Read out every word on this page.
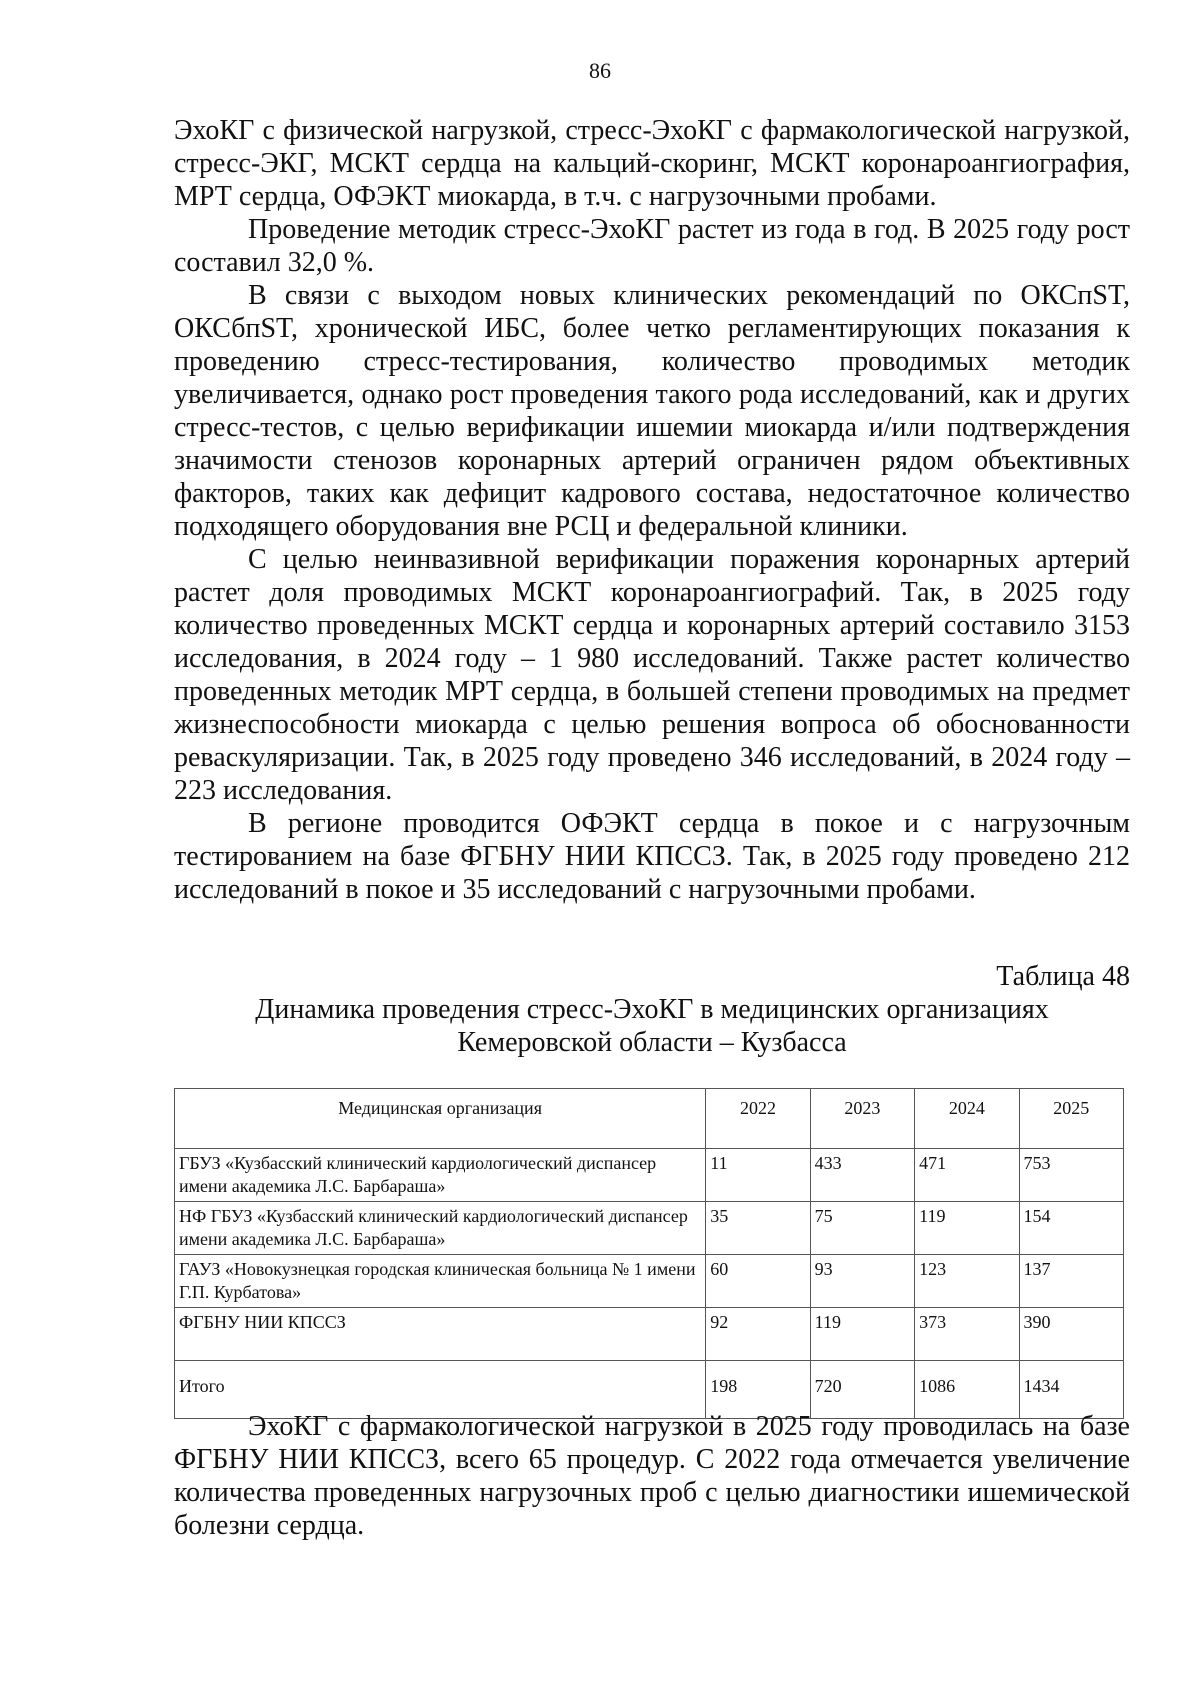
86

ЭхоКГ с физической нагрузкой, стресс-ЭхоКГ с фармакологической нагрузкой, стресс-ЭКГ, МСКТ сердца на кальций-скоринг, МСКТ коронароангиография, МРТ сердца, ОФЭКТ миокарда, в т.ч. с нагрузочными пробами.

Проведение методик стресс-ЭхоКГ растет из года в год. В 2025 году рост составил 32,0 %.

В связи с выходом новых клинических рекомендаций по ОКСпST, ОКСбпST, хронической ИБС, более четко регламентирующих показания к проведению стресс-тестирования, количество проводимых методик увеличивается, однако рост проведения такого рода исследований, как и других стресс-тестов, с целью верификации ишемии миокарда и/или подтверждения значимости стенозов коронарных артерий ограничен рядом объективных факторов, таких как дефицит кадрового состава, недостаточное количество подходящего оборудования вне РСЦ и федеральной клиники.

С целью неинвазивной верификации поражения коронарных артерий растет доля проводимых МСКТ коронароангиографий. Так, в 2025 году количество проведенных МСКТ сердца и коронарных артерий составило 3153 исследования, в 2024 году – 1 980 исследований. Также растет количество проведенных методик МРТ сердца, в большей степени проводимых на предмет жизнеспособности миокарда с целью решения вопроса об обоснованности реваскуляризации. Так, в 2025 году проведено 346 исследований, в 2024 году – 223 исследования.

В регионе проводится ОФЭКТ сердца в покое и с нагрузочным тестированием на базе ФГБНУ НИИ КПССЗ. Так, в 2025 году проведено 212 исследований в покое и 35 исследований с нагрузочными пробами.

Таблица 48
Динамика проведения стресс-ЭхоКГ в медицинских организациях
Кемеровской области – Кузбасса
Медицинская организация	2022	2023	2024	2025
ГБУЗ «Кузбасский клинический кардиологический диспансер имени академика Л.С. Барбараша»	11	433	471	753
НФ ГБУЗ «Кузбасский клинический кардиологический диспансер имени академика Л.С. Барбараша»	35	75	119	154
ГАУЗ «Новокузнецкая городская клиническая больница № 1 имени Г.П. Курбатова»	60	93	123	137
ФГБНУ НИИ КПССЗ	92	119	373	390
Итого	198	720	1086	1434

ЭхоКГ с фармакологической нагрузкой в 2025 году проводилась на базе ФГБНУ НИИ КПССЗ, всего 65 процедур. С 2022 года отмечается увеличение количества проведенных нагрузочных проб с целью диагностики ишемической болезни сердца.
